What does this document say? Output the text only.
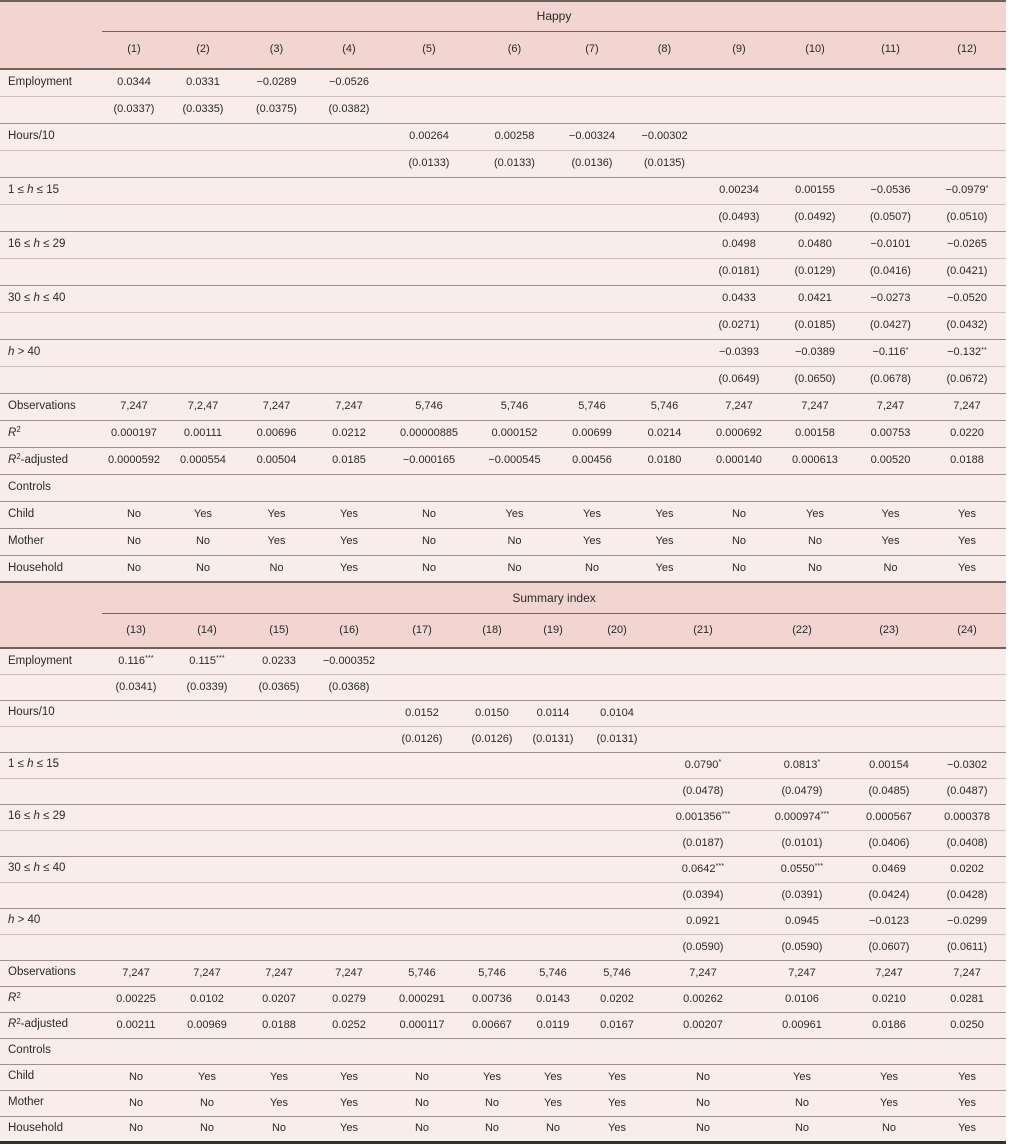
	Happy											
	(1)	(2)	(3)	(4)	(5)	(6)	(7)	(8)	(9)	(10)	(11)	(12)
Employment	0.0344	0.0331	−0.0289	−0.0526								
	(0.0337)	(0.0335)	(0.0375)	(0.0382)								
Hours/10					0.00264	0.00258	−0.00324	−0.00302				
					(0.0133)	(0.0133)	(0.0136)	(0.0135)				
1 ≤ h ≤ 15									0.00234	0.00155	−0.0536	−0.0979*
									(0.0493)	(0.0492)	(0.0507)	(0.0510)
16 ≤ h ≤ 29									0.0498	0.0480	−0.0101	−0.0265
									(0.0181)	(0.0129)	(0.0416)	(0.0421)
30 ≤ h ≤ 40									0.0433	0.0421	−0.0273	−0.0520
									(0.0271)	(0.0185)	(0.0427)	(0.0432)
h > 40									−0.0393	−0.0389	−0.116*	−0.132**
									(0.0649)	(0.0650)	(0.0678)	(0.0672)
Observations	7,247	7,2,47	7,247	7,247	5,746	5,746	5,746	5,746	7,247	7,247	7,247	7,247
$R^2$	0.000197	0.00111	0.00696	0.0212	0.00000885	0.000152	0.00699	0.0214	0.000692	0.00158	0.00753	0.0220
$R^2$-adjusted	0.0000592	0.000554	0.00504	0.0185	−0.000165	−0.000545	0.00456	0.0180	0.000140	0.000613	0.00520	0.0188
Controls												
Child	No	Yes	Yes	Yes	No	Yes	Yes	Yes	No	Yes	Yes	Yes
Mother	No	No	Yes	Yes	No	No	Yes	Yes	No	No	Yes	Yes
Household	No	No	No	Yes	No	No	No	Yes	No	No	No	Yes
	Summary index											
	(13)	(14)	(15)	(16)	(17)	(18)	(19)	(20)	(21)	(22)	(23)	(24)
Employment	0.116***	0.115***	0.0233	−0.000352								
	(0.0341)	(0.0339)	(0.0365)	(0.0368)								
Hours/10					0.0152	0.0150	0.0114	0.0104				
					(0.0126)	(0.0126)	(0.0131)	(0.0131)				
1 ≤ h ≤ 15									0.0790*	0.0813*	0.00154	−0.0302
									(0.0478)	(0.0479)	(0.0485)	(0.0487)
16 ≤ h ≤ 29									0.001356***	0.000974***	0.000567	0.000378
									(0.0187)	(0.0101)	(0.0406)	(0.0408)
30 ≤ h ≤ 40									0.0642***	0.0550***	0.0469	0.0202
									(0.0394)	(0.0391)	(0.0424)	(0.0428)
h > 40									0.0921	0.0945	−0.0123	−0.0299
									(0.0590)	(0.0590)	(0.0607)	(0.0611)
Observations	7,247	7,247	7,247	7,247	5,746	5,746	5,746	5,746	7,247	7,247	7,247	7,247
$R^2$	0.00225	0.0102	0.0207	0.0279	0.000291	0.00736	0.0143	0.0202	0.00262	0.0106	0.0210	0.0281
$R^2$-adjusted	0.00211	0.00969	0.0188	0.0252	0.000117	0.00667	0.0119	0.0167	0.00207	0.00961	0.0186	0.0250
Controls												
Child	No	Yes	Yes	Yes	No	Yes	Yes	Yes	No	Yes	Yes	Yes
Mother	No	No	Yes	Yes	No	No	Yes	Yes	No	No	Yes	Yes
Household	No	No	No	Yes	No	No	No	Yes	No	No	No	Yes
